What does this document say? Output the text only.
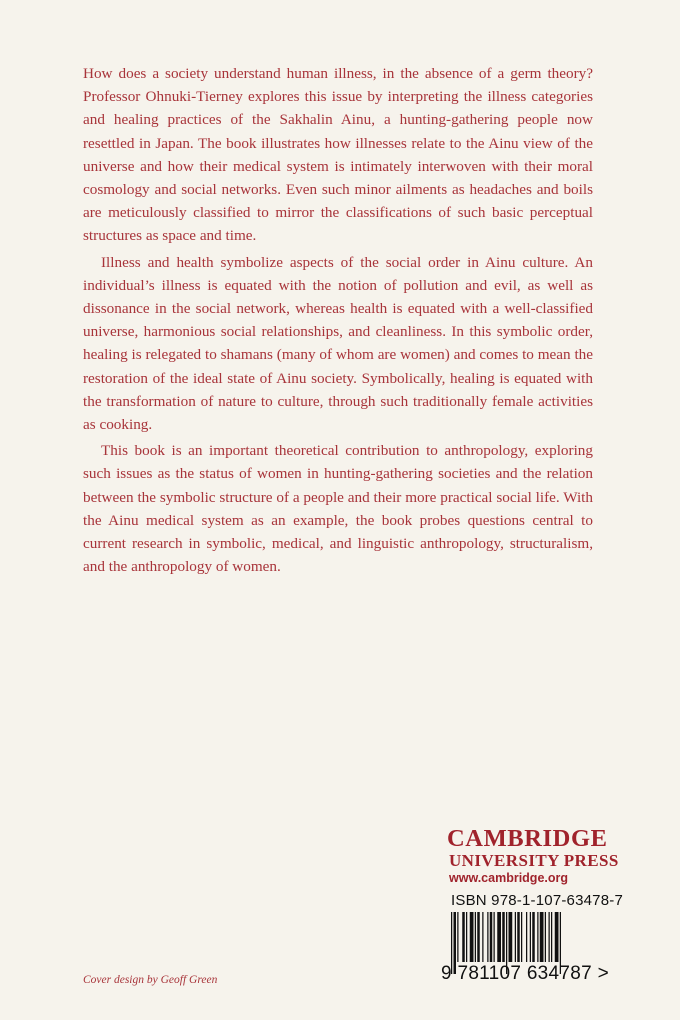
How does a society understand human illness, in the absence of a germ theory? Professor Ohnuki-Tierney explores this issue by interpreting the illness categories and healing practices of the Sakhalin Ainu, a hunting-gathering people now resettled in Japan. The book illustrates how illnesses relate to the Ainu view of the universe and how their medical system is intimately interwoven with their moral cosmology and social networks. Even such minor ailments as headaches and boils are meticulously classified to mirror the classifications of such basic perceptual structures as space and time.

Illness and health symbolize aspects of the social order in Ainu culture. An individual’s illness is equated with the notion of pollution and evil, as well as dissonance in the social network, whereas health is equated with a well-classified universe, harmonious social relationships, and cleanliness. In this symbolic order, healing is relegated to shamans (many of whom are women) and comes to mean the restoration of the ideal state of Ainu society. Symbolically, healing is equated with the transformation of nature to culture, through such traditionally female activities as cooking.

This book is an important theoretical contribution to anthropology, exploring such issues as the status of women in hunting-gathering societies and the relation between the symbolic structure of a people and their more practical social life. With the Ainu medical system as an example, the book probes questions central to current research in symbolic, medical, and linguistic anthropology, structuralism, and the anthropology of women.

CAMBRIDGE
UNIVERSITY PRESS
www.cambridge.org
ISBN 978-1-107-63478-7
9 781107 634787 >
Cover design by Geoff Green
